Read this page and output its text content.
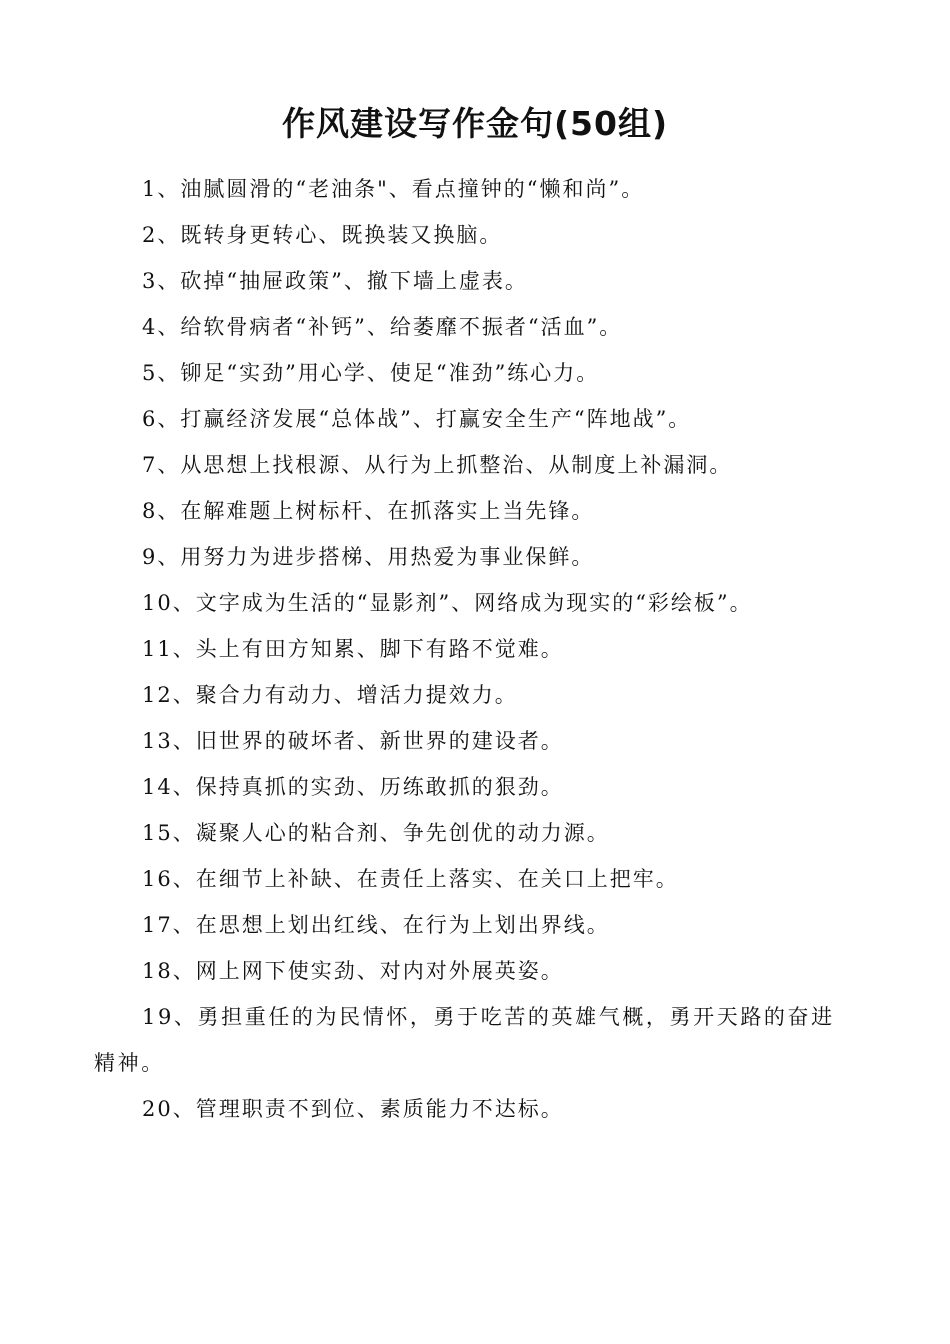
作风建设写作金句(50组)
1、油腻圆滑的“老油条"、看点撞钟的“懒和尚”。
2、既转身更转心、既换装又换脑。
3、砍掉“抽屉政策”、撤下墙上虚表。
4、给软骨病者“补钙”、给萎靡不振者“活血”。
5、铆足“实劲”用心学、使足“准劲”练心力。
6、打赢经济发展“总体战”、打赢安全生产“阵地战”。
7、从思想上找根源、从行为上抓整治、从制度上补漏洞。
8、在解难题上树标杆、在抓落实上当先锋。
9、用努力为进步搭梯、用热爱为事业保鲜。
10、文字成为生活的“显影剂”、网络成为现实的“彩绘板”。
11、头上有田方知累、脚下有路不觉难。
12、聚合力有动力、增活力提效力。
13、旧世界的破坏者、新世界的建设者。
14、保持真抓的实劲、历练敢抓的狠劲。
15、凝聚人心的粘合剂、争先创优的动力源。
16、在细节上补缺、在责任上落实、在关口上把牢。
17、在思想上划出红线、在行为上划出界线。
18、网上网下使实劲、对内对外展英姿。
19、勇担重任的为民情怀，勇于吃苦的英雄气概，勇开天路的奋进精神。
20、管理职责不到位、素质能力不达标。
